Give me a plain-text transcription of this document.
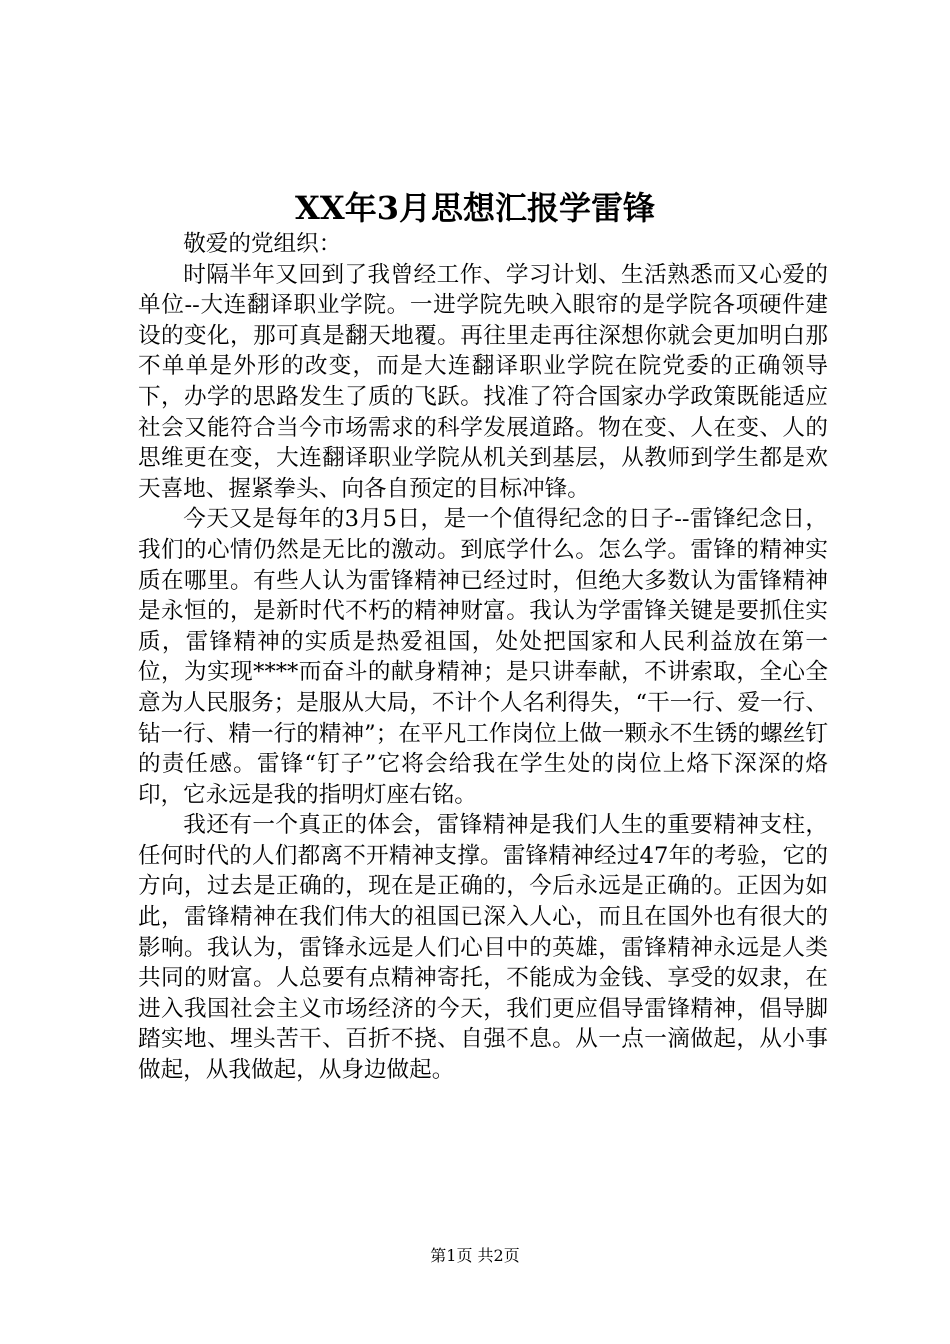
XX年3月思想汇报学雷锋

敬爱的党组织：

时隔半年又回到了我曾经工作、学习计划、生活熟悉而又心爱的单位--大连翻译职业学院。一进学院先映入眼帘的是学院各项硬件建设的变化，那可真是翻天地覆。再往里走再往深想你就会更加明白那不单单是外形的改变，而是大连翻译职业学院在院党委的正确领导下，办学的思路发生了质的飞跃。找准了符合国家办学政策既能适应社会又能符合当今市场需求的科学发展道路。物在变、人在变、人的思维更在变，大连翻译职业学院从机关到基层，从教师到学生都是欢天喜地、握紧拳头、向各自预定的目标冲锋。

今天又是每年的3月5日，是一个值得纪念的日子--雷锋纪念日，我们的心情仍然是无比的激动。到底学什么。怎么学。雷锋的精神实质在哪里。有些人认为雷锋精神已经过时，但绝大多数认为雷锋精神是永恒的，是新时代不朽的精神财富。我认为学雷锋关键是要抓住实质，雷锋精神的实质是热爱祖国，处处把国家和人民利益放在第一位，为实现****而奋斗的献身精神；是只讲奉献，不讲索取，全心全意为人民服务；是服从大局，不计个人名利得失，“干一行、爱一行、钻一行、精一行的精神”；在平凡工作岗位上做一颗永不生锈的螺丝钉的责任感。雷锋“钉子”它将会给我在学生处的岗位上烙下深深的烙印，它永远是我的指明灯座右铭。

我还有一个真正的体会，雷锋精神是我们人生的重要精神支柱，任何时代的人们都离不开精神支撑。雷锋精神经过47年的考验，它的方向，过去是正确的，现在是正确的，今后永远是正确的。正因为如此，雷锋精神在我们伟大的祖国已深入人心，而且在国外也有很大的影响。我认为，雷锋永远是人们心目中的英雄，雷锋精神永远是人类共同的财富。人总要有点精神寄托，不能成为金钱、享受的奴隶，在进入我国社会主义市场经济的今天，我们更应倡导雷锋精神，倡导脚踏实地、埋头苦干、百折不挠、自强不息。从一点一滴做起，从小事做起，从我做起，从身边做起。

第1页 共2页
